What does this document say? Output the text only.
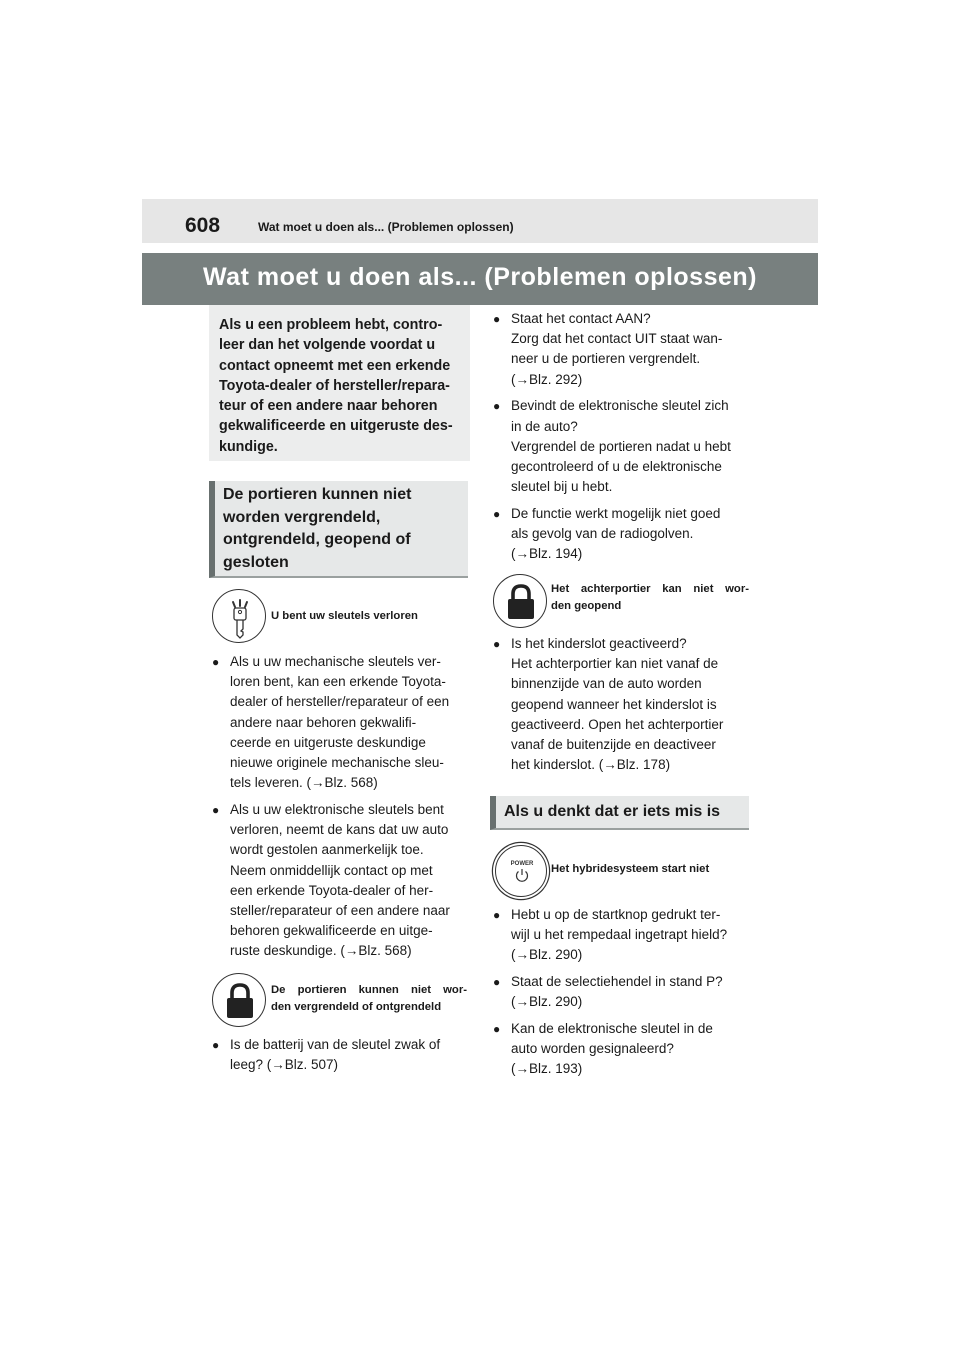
608	Wat moet u doen als... (Problemen oplossen)
Wat moet u doen als... (Problemen oplossen)
Als u een probleem hebt, contro- leer dan het volgende voordat u contact opneemt met een erkende Toyota-dealer of hersteller/repara- teur of een andere naar behoren gekwalificeerde en uitgeruste des- kundige.
De portieren kunnen niet worden vergrendeld, ontgrendeld, geopend of gesloten
U bent uw sleutels verloren

● Als u uw mechanische sleutels ver-

loren bent, kan een erkende Toyota-

dealer of hersteller/reparateur of een

andere naar behoren gekwalifi-

ceerde en uitgeruste deskundige

nieuwe originele mechanische sleu-

tels leveren. (→Blz. 568)

● Als u uw elektronische sleutels bent

verloren, neemt de kans dat uw auto

wordt gestolen aanmerkelijk toe.

Neem onmiddellijk contact op met

een erkende Toyota-dealer of her-

steller/reparateur of een andere naar

behoren gekwalificeerde en uitge-

ruste deskundige. (→Blz. 568)

De portieren kunnen niet wor-
den vergrendeld of ontgrendeld

● Is de batterij van de sleutel zwak of

leeg? (→Blz. 507)

● Staat het contact AAN?

Zorg dat het contact UIT staat wan-

neer u de portieren vergrendelt.

(→Blz. 292)

● Bevindt de elektronische sleutel zich

in de auto?

Vergrendel de portieren nadat u hebt

gecontroleerd of u de elektronische

sleutel bij u hebt.

● De functie werkt mogelijk niet goed

als gevolg van de radiogolven.

(→Blz. 194)

Het achterportier kan niet wor-
den geopend

● Is het kinderslot geactiveerd?

Het achterportier kan niet vanaf de

binnenzijde van de auto worden

geopend wanneer het kinderslot is

geactiveerd. Open het achterportier

vanaf de buitenzijde en deactiveer

het kinderslot. (→Blz. 178)

Als u denkt dat er iets mis is
POWER Het hybridesysteem start niet

● Hebt u op de startknop gedrukt ter-

wijl u het rempedaal ingetrapt hield?

(→Blz. 290)

● Staat de selectiehendel in stand P?

(→Blz. 290)

● Kan de elektronische sleutel in de

auto worden gesignaleerd?

(→Blz. 193)
